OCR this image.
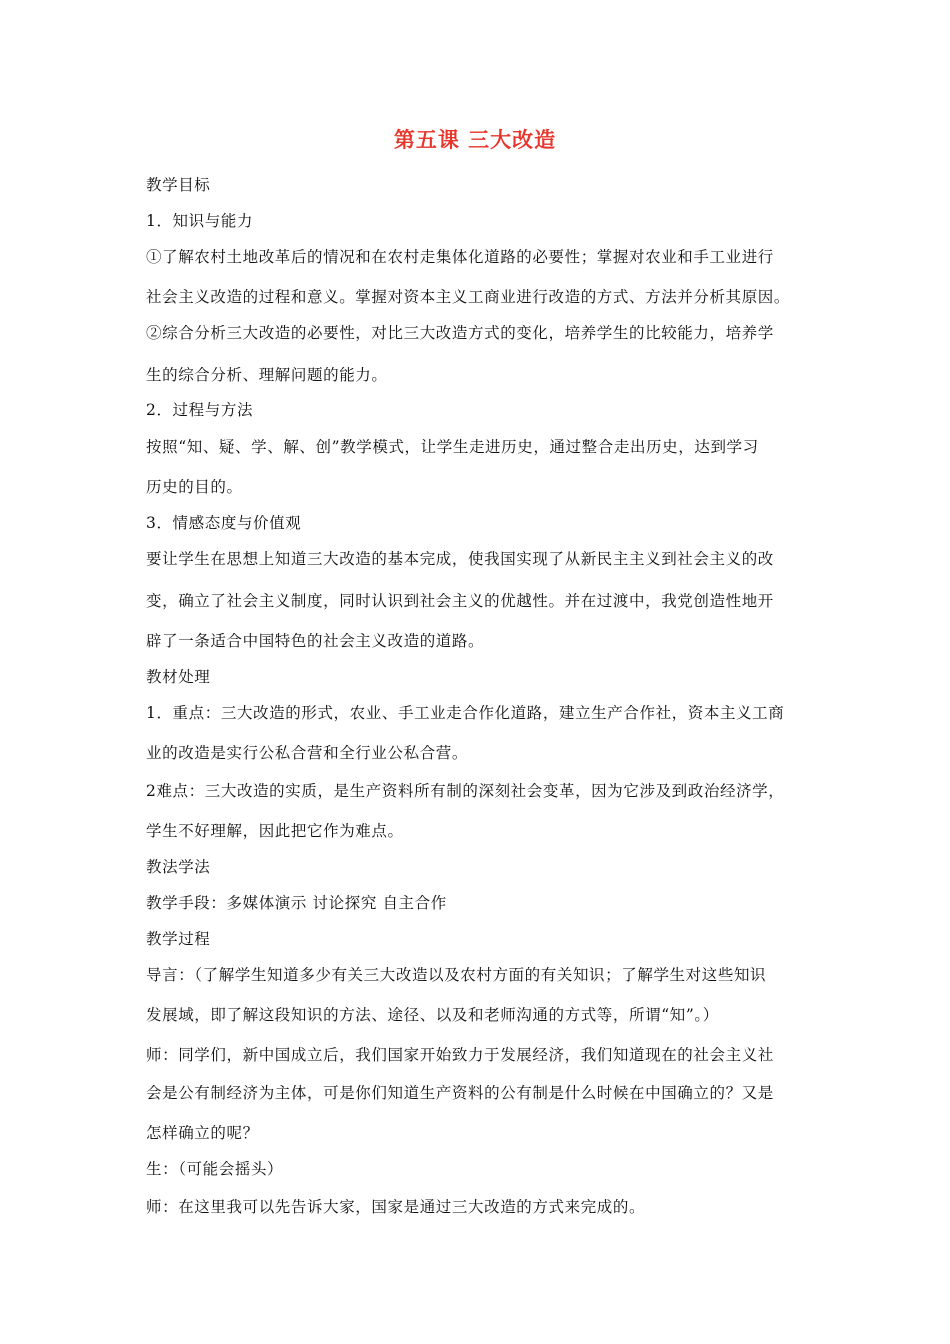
第五课 三大改造
教学目标
1．知识与能力
①了解农村土地改革后的情况和在农村走集体化道路的必要性；掌握对农业和手工业进行
社会主义改造的过程和意义。掌握对资本主义工商业进行改造的方式、方法并分析其原因。
②综合分析三大改造的必要性，对比三大改造方式的变化，培养学生的比较能力，培养学
生的综合分析、理解问题的能力。
2．过程与方法
按照“知、疑、学、解、创”教学模式，让学生走进历史，通过整合走出历史，达到学习
历史的目的。
3．情感态度与价值观
要让学生在思想上知道三大改造的基本完成，使我国实现了从新民主主义到社会主义的改
变，确立了社会主义制度，同时认识到社会主义的优越性。并在过渡中，我党创造性地开
辟了一条适合中国特色的社会主义改造的道路。
教材处理
1．重点：三大改造的形式，农业、手工业走合作化道路，建立生产合作社，资本主义工商
业的改造是实行公私合营和全行业公私合营。
2难点：三大改造的实质，是生产资料所有制的深刻社会变革，因为它涉及到政治经济学，
学生不好理解，因此把它作为难点。
教法学法
教学手段：多媒体演示 讨论探究 自主合作
教学过程
导言：（了解学生知道多少有关三大改造以及农村方面的有关知识；了解学生对这些知识
发展域，即了解这段知识的方法、途径、以及和老师沟通的方式等，所谓“知”。）
师：同学们，新中国成立后，我们国家开始致力于发展经济，我们知道现在的社会主义社
会是公有制经济为主体，可是你们知道生产资料的公有制是什么时候在中国确立的？又是
怎样确立的呢？
生：（可能会摇头）
师：在这里我可以先告诉大家，国家是通过三大改造的方式来完成的。
